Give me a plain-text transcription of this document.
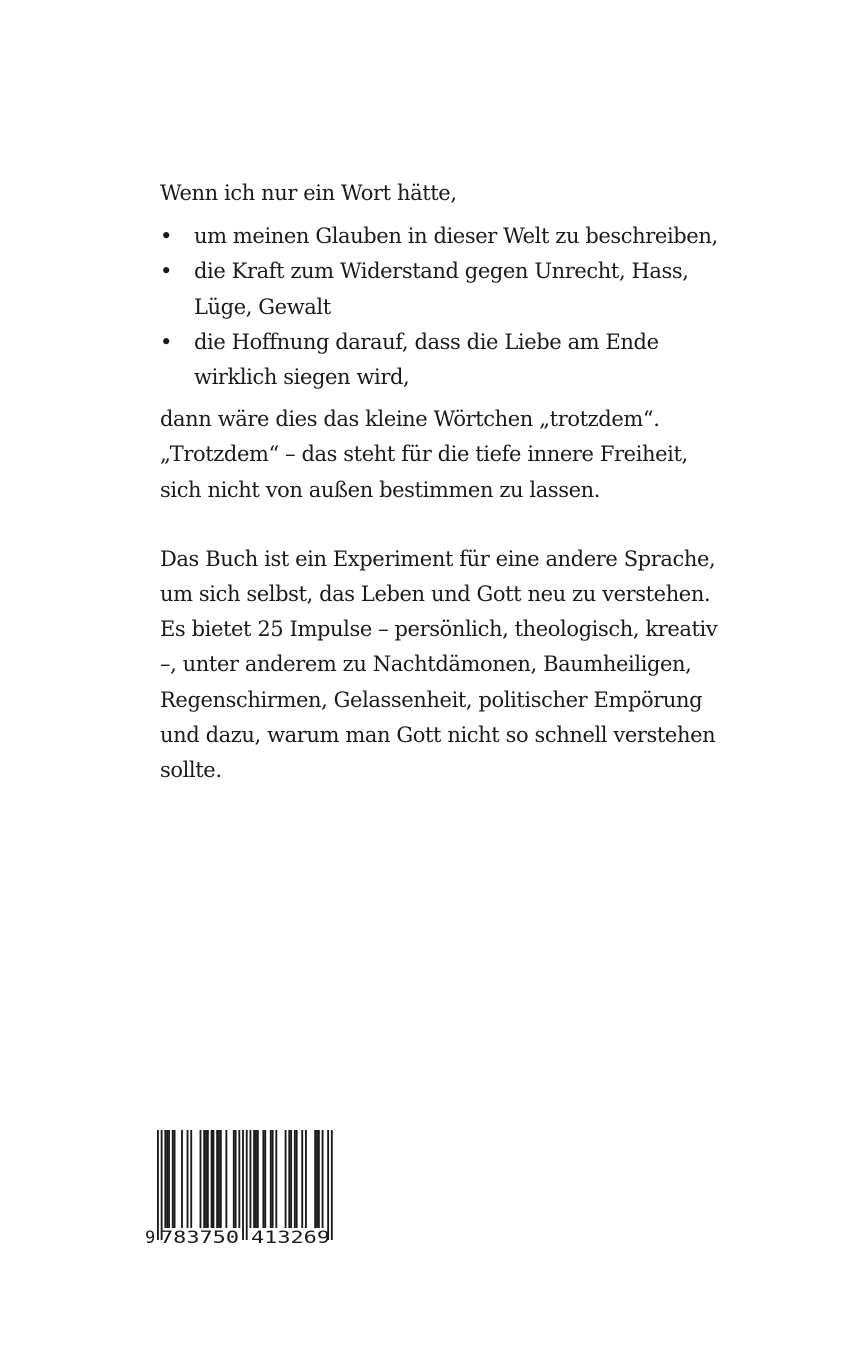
Wenn ich nur ein Wort hätte,

• um meinen Glauben in dieser Welt zu beschreiben,
• die Kraft zum Widerstand gegen Unrecht, Hass, Lüge, Gewalt
• die Hoffnung darauf, dass die Liebe am Ende wirklich siegen wird,

dann wäre dies das kleine Wörtchen „trotzdem“. „Trotzdem“ – das steht für die tiefe innere Freiheit, sich nicht von außen bestimmen zu lassen.

Das Buch ist ein Experiment für eine andere Sprache, um sich selbst, das Leben und Gott neu zu verstehen. Es bietet 25 Impulse – persönlich, theologisch, kreativ –, unter anderem zu Nachtdämonen, Baumheiligen, Regenschirmen, Gelassenheit, politischer Empörung und dazu, warum man Gott nicht so schnell verstehen sollte.

9 783750 413269
